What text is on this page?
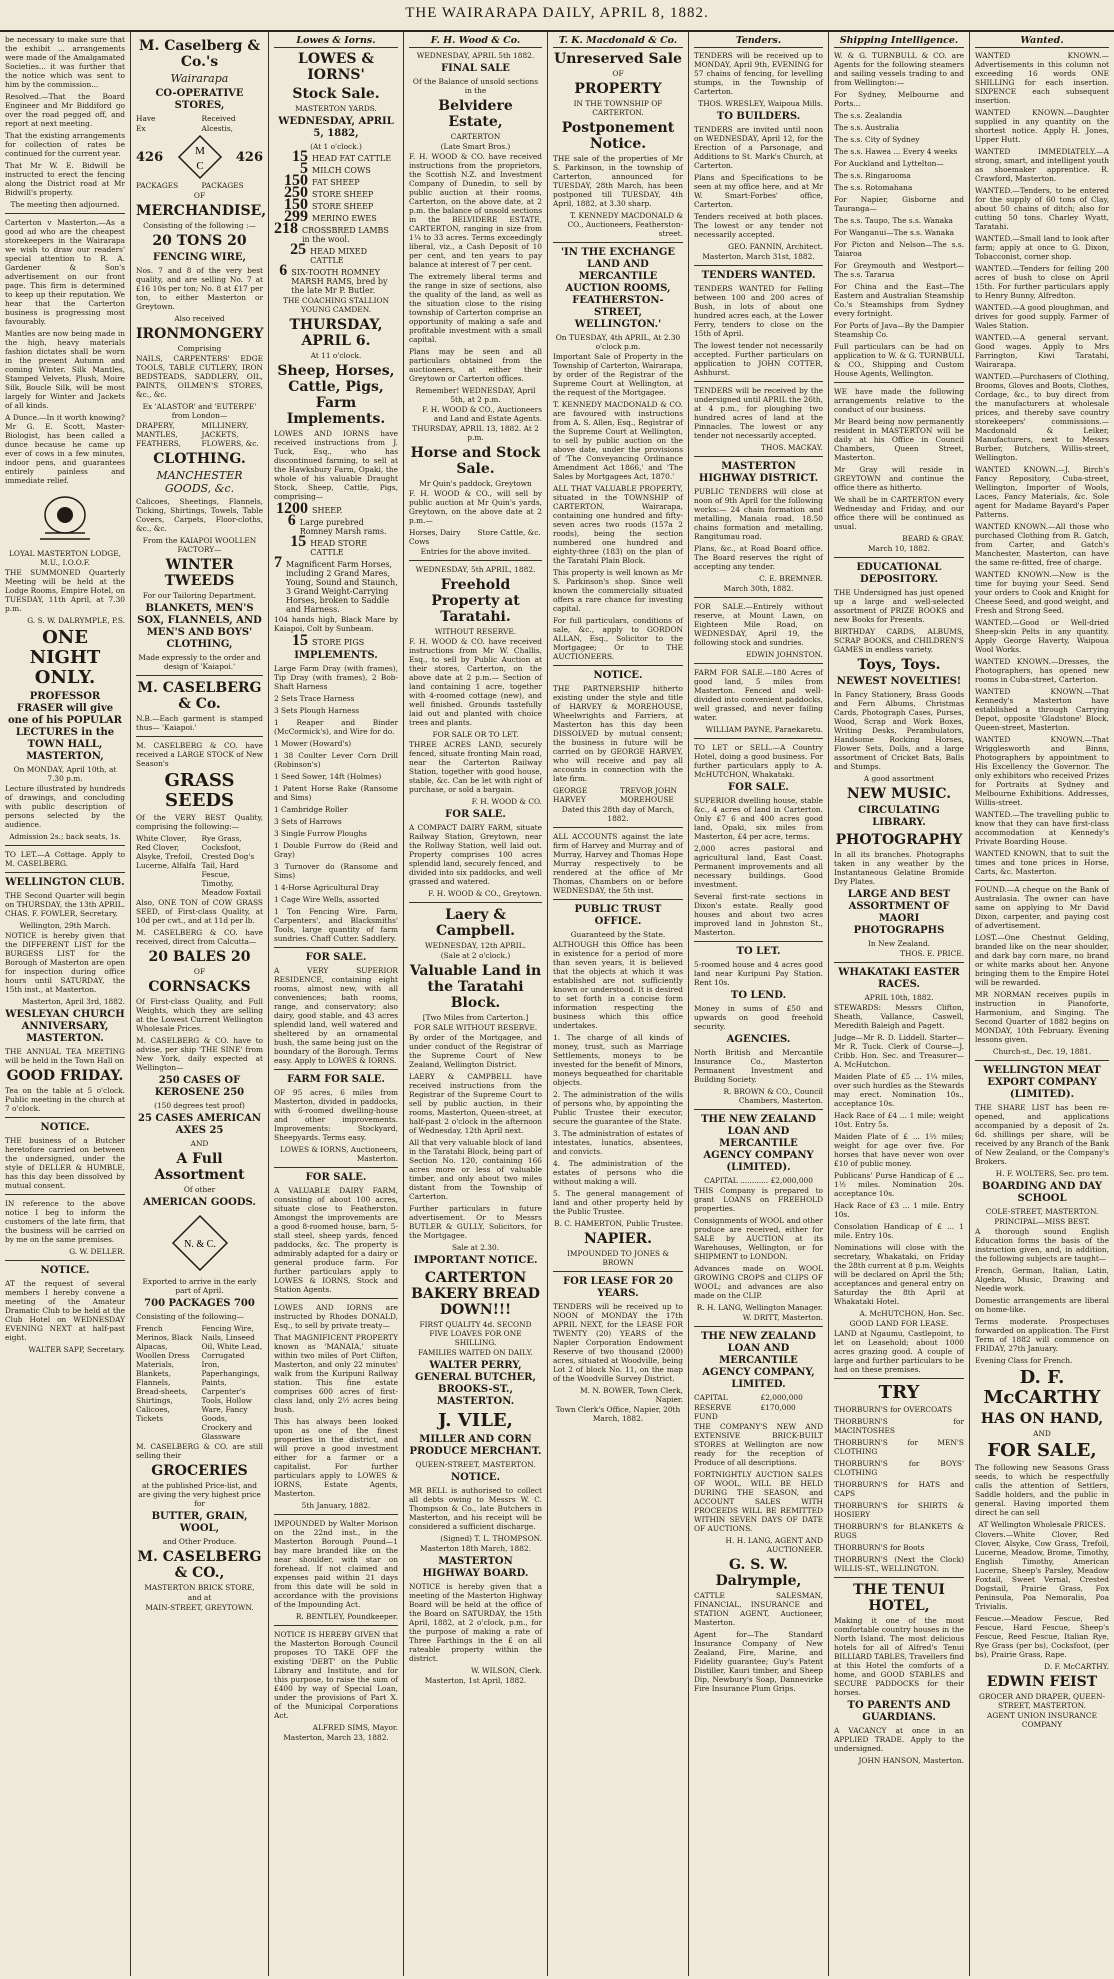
THE WAIRARAPA DAILY, APRIL 8, 1882.
be necessary to make sure that the exhibit ... arrangements were made of the Amalgamated Societies... it was further that the notice which was sent to him by the commission...
Resolved.—That the Board Engineer and Mr Biddiford go over the road pegged off, and report at next meeting.
That the existing arrangements for collection of rates be continued for the current year.
That Mr W. E. Bidwill be instructed to erect the fencing along the District road at Mr Bidwill's property.
The meeting then adjourned.
Carterton v Masterton.—As a good ad who are the cheapest storekeepers in the Wairarapa we wish to draw our readers' special attention to R. A. Gardener & Son's advertisement on our front page. This firm is determined to keep up their reputation. We hear that the Carterton business is progressing most favourably.
Mantles are now being made in the high, heavy materials fashion dictates shall be worn in the present Autumn and coming Winter. Silk Mantles, Stamped Velvets, Plush, Moire Silk, Boucle Silk, will be most largely for Winter and Jackets of all kinds.
A Dunce.—In it worth knowing? Mr G. E. Scott, Master-Biologist, has been called a dunce because he came up ever of cows in a few minutes, indoor pens, and guarantees entirely painless and immediate relief.
LOYAL MASTERTON LODGE, M.U., I.O.O.F.
THE SUMMONED Quarterly Meeting will be held at the Lodge Rooms, Empire Hotel, on TUESDAY, 11th April, at 7.30 p.m.
G. S. W. DALRYMPLE, P.S.
ONE NIGHT ONLY.
PROFESSOR FRASER will give one of his POPULAR LECTURES in the TOWN HALL, MASTERTON,
On MONDAY, April 10th, at 7.30 p.m.
Lecture illustrated by hundreds of drawings, and concluding with public description of persons selected by the audience.
Admission 2s.; back seats, 1s.
TO LET.—A Cottage. Apply to M. CASELBERG.
WELLINGTON CLUB.
THE Second Quarter will begin on THURSDAY, the 13th APRIL. CHAS. F. FOWLER, Secretary.
Wellington, 29th March.
NOTICE is hereby given that the DIFFERENT LIST for the BURGESS LIST for the Borough of Masterton are open for inspection during office hours until SATURDAY, the 15th inst., at Masterton.
Masterton, April 3rd, 1882.
WESLEYAN CHURCH ANNIVERSARY, MASTERTON.
THE ANNUAL TEA MEETING will be held in the Town Hall on
GOOD FRIDAY.
Tea on the table at 5 o'clock. Public meeting in the church at 7 o'clock.
NOTICE.
THE business of a Butcher heretofore carried on between the undersigned, under the style of DELLER & HUMBLE, has this day been dissolved by mutual consent.
IN reference to the above notice I beg to inform the customers of the late firm, that the business will be carried on by me on the same premises.
G. W. DELLER.
NOTICE.
AT the request of several members I hereby convene a meeting of the Amateur Dramatic Club to be held at the Club Hotel on WEDNESDAY EVENING NEXT at half-past eight.
WALTER SAPP, Secretary.
M. Caselberg & Co.'s
Wairarapa
CO-OPERATIVE STORES,
Have	Received
Ex	Alcestis,
426	M
C
426
PACKAGES	PACKAGES
OF
MERCHANDISE,
Consisting of the following :—
20 TONS 20
FENCING WIRE,
Nos. 7 and 8 of the very best quality, and are selling No. 7 at £16 10s per ton; No. 8 at £17 per ton, to either Masterton or Greytown.
Also received
IRONMONGERY
Comprising
NAILS, CARPENTERS' EDGE TOOLS, TABLE CUTLERY, IRON BEDSTEADS, SADDLERY, OIL, PAINTS, OILMEN'S STORES, &c., &c.
Ex 'ALASTOR' and 'EUTERPE' from London—
DRAPERY, MANTLES, FEATHERS,
MILLINERY, JACKETS, FLOWERS, &c.
CLOTHING.
MANCHESTER GOODS, &c.
Calicoes, Sheetings, Flannels, Ticking, Shirtings, Towels, Table Covers, Carpets, Floor-cloths, &c., &c.
From the KAIAPOI WOOLLEN FACTORY—
WINTER TWEEDS
For our Tailoring Department.
BLANKETS, MEN'S SOX, FLANNELS, AND MEN'S AND BOYS' CLOTHING,
Made expressly to the order and design of 'Kaiapoi.'
M. CASELBERG & Co.
N.B.—Each garment is stamped thus— 'Kaiapoi.'
M. CASELBERG & CO. have received a LARGE STOCK of New Season's
GRASS SEEDS
Of the VERY BEST Quality, comprising the following:—
White Clover, Red Clover, Alsyke, Trefoil, Lucerne, Alfalfa
Rye Grass, Cocksfoot, Crested Dog's Tail, Hard Fescue, Timothy, Meadow Foxtail
Also, ONE TON of COW GRASS SEED, of First-class Quality, at 10d per cwt., and at 11d per lb.
M. CASELBERG & CO. have received, direct from Calcutta—
20 BALES 20
OF
CORNSACKS
Of First-class Quality, and Full Weights, which they are selling at the Lowest Current Wellington Wholesale Prices.
M. CASELBERG & CO. have to advise, per ship 'THE SINE' from New York, daily expected at Wellington—
250 CASES OF KEROSENE 250
(150 degrees test proof)
25 CASES AMERICAN AXES 25
AND
A Full Assortment
Of other
AMERICAN GOODS.
N. & C.
Exported to arrive in the early part of April.
700 PACKAGES 700
Consisting of the following—
French Merinos, Black Alpacas, Woollen Dress Materials, Blankets, Flannels, Bread-sheets, Shirtings, Calicoes, Tickets
Fencing Wire, Nails, Linseed Oil, White Lead, Corrugated Iron, Paperhangings, Paints, Carpenter's Tools, Hollow Ware, Fancy Goods, Crockery and Glassware
M. CASELBERG & CO. are still selling their
GROCERIES
at the published Price-list, and are giving the very highest price for
BUTTER, GRAIN, WOOL,
and Other Produce.
M. CASELBERG & CO.,
MASTERTON BRICK STORE,
and at
MAIN-STREET, GREYTOWN.
Lowes & Iorns.
LOWES & IORNS'
Stock Sale.
MASTERTON YARDS.
WEDNESDAY, APRIL 5, 1882,
(At 1 o'clock.)
15 HEAD FAT CATTLE
5 MILCH COWS
150 FAT SHEEP
250 STORE SHEEP
150 STORE SHEEP
299 MERINO EWES
218 CROSSBRED LAMBS in the wool.
25 HEAD MIXED CATTLE
6 SIX-TOOTH ROMNEY MARSH RAMS, bred by the late Mr P. Butler.
THE COACHING STALLION YOUNG CAMDEN.
THURSDAY, APRIL 6.
At 11 o'clock.
Sheep, Horses, Cattle, Pigs, Farm Implements.
LOWES AND IORNS have received instructions from J. Tuck, Esq., who has discontinued farming, to sell at the Hawksbury Farm, Opaki, the whole of his valuable Draught Stock, Sheep, Cattle, Pigs, comprising—
1200 SHEEP.
6 Large purebred Romney Marsh rams.
15 HEAD STORE CATTLE
7 Magnificent Farm Horses, including 2 Grand Mares, Young, Sound and Staunch, 3 Grand Weight-Carrying Horses, broken to Saddle and Harness.
104 hands high, Black Mare by Kaiapoi, Colt by Sunbeam.
15 STORE PIGS
IMPLEMENTS.
Large Farm Dray (with frames), Tip Dray (with frames), 2 Bob-Shaft Harness
2 Sets Trace Harness
3 Sets Plough Harness
1 Reaper and Binder (McCormick's), and Wire for do.
1 Mower (Howard's)
1 38 Coulter Lever Corn Drill (Robinson's)
1 Seed Sower, 14ft (Holmes)
1 Patent Horse Rake (Ransome and Sims)
1 Cambridge Roller
3 Sets of Harrows
3 Single Furrow Ploughs
1 Double Furrow do (Reid and Gray)
3 Turnover do (Ransome and Sims)
1 4-Horse Agricultural Dray
1 Cage Wire Wells, assorted
1 Ton Fencing Wire. Farm, Carpenters', and Blacksmiths' Tools, large quantity of farm sundries. Chaff Cutter. Saddlery.
FOR SALE.
A VERY SUPERIOR RESIDENCE, containing eight rooms, almost new, with all conveniences; bath rooms, range, and conservatory; also dairy, good stable, and 43 acres splendid land, well watered and sheltered by an ornamental bush, the same being just on the boundary of the Borough. Terms easy. Apply to LOWES & IORNS.
FARM FOR SALE.
OF 95 acres, 6 miles from Masterton, divided in paddocks, with 6-roomed dwelling-house and other improvements. Improvements: Stockyard, Sheepyards. Terms easy.
LOWES & IORNS, Auctioneers, Masterton.
FOR SALE.
A VALUABLE DAIRY FARM, consisting of about 100 acres, situate close to Featherston. Amongst the improvements are a good 8-roomed house, barn, 5-stall steel, sheep yards, fenced paddocks, &c. The property is admirably adapted for a dairy or general produce farm. For further particulars apply to LOWES & IORNS, Stock and Station Agents.
LOWES AND IORNS are instructed by Rhodes DONALD, Esq., to sell by private treaty—
That MAGNIFICENT PROPERTY known as 'MANAIA,' situate within two miles of Port Clifton, Masterton, and only 22 minutes' walk from the Kuripuni Railway station. This fine estate comprises 600 acres of first-class land, only 2½ acres being bush.
This has always been looked upon as one of the finest properties in the district, and will prove a good investment either for a farmer or a capitalist. For further particulars apply to LOWES & IORNS, Estate Agents, Masterton.
5th January, 1882.
IMPOUNDED by Walter Morison on the 22nd inst., in the Masterton Borough Pound—1 bay mare branded like on the near shoulder, with star on forehead. If not claimed and expenses paid within 21 days from this date will be sold in accordance with the provisions of the Impounding Act.
R. BENTLEY, Poundkeeper.
NOTICE IS HEREBY GIVEN that the Masterton Borough Council proposes TO TAKE OFF the existing 'DEBT' on the Public Library and Institute, and for this purpose, to raise the sum of £400 by way of Special Loan, under the provisions of Part X. of the Municipal Corporations Act.
ALFRED SIMS, Mayor.
Masterton, March 23, 1882.
F. H. Wood & Co.
WEDNESDAY, APRIL 5th 1882.
FINAL SALE
Of the Balance of unsold sections in the
Belvidere Estate,
CARTERTON
(Late Smart Bros.)
F. H. WOOD & CO. have received instructions from the proprietors, the Scottish N.Z. and Investment Company of Dunedin, to sell by public auction at their rooms, Carterton, on the above date, at 2 p.m. the balance of unsold sections in the BELVIDERE ESTATE, CARTERTON, ranging in size from 1¼ to 33 acres. Terms exceedingly liberal, viz., a Cash Deposit of 10 per cent, and ten years to pay balance at interest of 7 per cent.
The extremely liberal terms and the range in size of sections, also the quality of the land, as well as the situation close to the rising township of Carterton comprise an opportunity of making a safe and profitable investment with a small capital.
Plans may be seen and all particulars obtained from the auctioneers, at either their Greytown or Carterton offices.
Remember! WEDNESDAY, April 5th, at 2 p.m.
F. H. WOOD & CO., Auctioneers and Land and Estate Agents.
THURSDAY, APRIL 13, 1882. At 2 p.m.
Horse and Stock Sale.
Mr Quin's paddock, Greytown
F. H. WOOD & CO., will sell by public auction at Mr Quin's yards, Greytown, on the above date at 2 p.m.—
Horses, Dairy Cows
Store Cattle, &c.
Entries for the above invited.
WEDNESDAY, 5th APRIL, 1882.
Freehold Property at Taratahi.
WITHOUT RESERVE.
F. H. WOOD & CO. have received instructions from Mr W. Challis, Esq., to sell by Public Auction at their stores, Carterton, on the above date at 2 p.m.— Section of land containing 1 acre, together with 4-roomed cottage (new), and well finished. Grounds tastefully laid out and planted with choice trees and plants.
FOR SALE OR TO LET.
THREE ACRES LAND, securely fenced, situate fronting Main road, near the Carterton Railway Station, together with good house, stable, &c. Can be let with right of purchase, or sold a bargain.
F. H. WOOD & CO.
FOR SALE.
A COMPACT DAIRY FARM, situate Railway Station, Greytown, near the Rollway Station, well laid out. Property comprises 100 acres splendid land, securely fenced, and divided into six paddocks, and well grassed and watered.
F. H. WOOD & CO., Greytown.
Laery & Campbell.
WEDNESDAY, 12th APRIL.
(Sale at 2 o'clock.)
Valuable Land in the Taratahi Block.
[Two Miles from Carterton.]
FOR SALE WITHOUT RESERVE.
By order of the Mortgagee, and under conduct of the Registrar of the Supreme Court of New Zealand, Wellington District.
LAERY & CAMPBELL have received instructions from the Registrar of the Supreme Court to sell by public auction, in their rooms, Masterton, Queen-street, at half-past 2 o'clock in the afternoon of Wednesday, 12th April next.
All that very valuable block of land in the Taratahi Block, being part of Section No. 120, containing 166 acres more or less of valuable timber, and only about two miles distant from the Township of Carterton.
Further particulars in future advertisement. Or to Messrs BUTLER & GULLY, Solicitors, for the Mortgagee.
Sale at 2.30.
IMPORTANT NOTICE.
CARTERTON BAKERY BREAD DOWN!!!
FIRST QUALITY 4d. SECOND FIVE LOAVES FOR ONE SHILLING.
FAMILIES WAITED ON DAILY.
WALTER PERRY, GENERAL BUTCHER, BROOKS-ST., MASTERTON.
J. VILE,
MILLER AND CORN PRODUCE MERCHANT.
QUEEN-STREET, MASTERTON.
NOTICE.
MR BELL is authorised to collect all debts owing to Messrs W. C. Thompson & Co., late Butchers in Masterton, and his receipt will be considered a sufficient discharge.
(Signed) T. L. THOMPSON.
Masterton 18th March, 1882.
MASTERTON HIGHWAY BOARD.
NOTICE is hereby given that a meeting of the Masterton Highway Board will be held at the office of the Board on SATURDAY, the 15th April, 1882, at 2 o'clock, p.m., for the purpose of making a rate of Three Farthings in the £ on all rateable property within the district.
W. WILSON, Clerk.
Masterton, 1st April, 1882.
T. K. Macdonald & Co.
Unreserved Sale
OF
PROPERTY
IN THE TOWNSHIP OF CARTERTON.
Postponement Notice.
THE sale of the properties of Mr S. Parkinson, in the township of Carterton, announced for TUESDAY, 28th March, has been postponed till TUESDAY, 4th April, 1882, at 3.30 sharp.
T. KENNEDY MACDONALD & CO., Auctioneers, Featherston-street.
'IN THE EXCHANGE LAND AND MERCANTILE AUCTION ROOMS, FEATHERSTON-STREET, WELLINGTON.'
On TUESDAY, 4th APRIL, At 2.30 o'clock p.m.
Important Sale of Property in the Township of Carterton, Wairarapa, by order of the Registrar of the Supreme Court at Wellington, at the request of the Mortgagee.
T. KENNEDY MACDONALD & CO. are favoured with instructions from A. S. Allen, Esq., Registrar of the Supreme Court at Wellington, to sell by public auction on the above date, under the provisions of 'The Conveyancing Ordinance Amendment Act 1866,' and 'The Sales by Mortgagees Act, 1870.'
ALL THAT VALUABLE PROPERTY, situated in the TOWNSHIP of CARTERTON, Wairarapa, containing one hundred and fifty-seven acres two roods (157a 2 roods), being the section numbered one hundred and eighty-three (183) on the plan of the Taratahi Plain Block.
This property is well known as Mr S. Parkinson's shop. Since well known the commercially situated offers a rare chance for investing capital.
For full particulars, conditions of sale, &c., apply to GORDON ALLAN, Esq., Solicitor to the Mortgagee; Or to THE AUCTIONEERS.
NOTICE.
THE PARTNERSHIP hitherto existing under the style and title of HARVEY & MOREHOUSE, Wheelwrights and Farriers, at Masterton has this day been DISSOLVED by mutual consent; the business in future will be carried on by GEORGE HARVEY, who will receive and pay all accounts in connection with the late firm.
GEORGE HARVEY
TREVOR JOHN MOREHOUSE
Dated this 28th day of March, 1882.
ALL ACCOUNTS against the late firm of Harvey and Murray and of Murray, Harvey and Thomas Hope Murray respectively to be rendered at the office of Mr Thomas, Chambers on or before WEDNESDAY, the 5th inst.
PUBLIC TRUST OFFICE.
Guaranteed by the State.
ALTHOUGH this Office has been in existence for a period of more than seven years, it is believed that the objects at which it was established are not sufficiently known or understood. It is desired to set forth in a concise form information respecting the business which this office undertakes.
1. The charge of all kinds of money, trust, such as Marriage Settlements, moneys to be invested for the benefit of Minors, moneys bequeathed for charitable objects.
2. The administration of the wills of persons who, by appointing the Public Trustee their executor, secure the guarantee of the State.
3. The administration of estates of intestates, lunatics, absentees, and convicts.
4. The administration of the estates of persons who die without making a will.
5. The general management of land and other property held by the Public Trustee.
B. C. HAMERTON, Public Trustee.
NAPIER.
IMPOUNDED TO JONES & BROWN
FOR LEASE FOR 20 YEARS.
TENDERS will be received up to NOON of MONDAY the 17th APRIL NEXT, for the LEASE FOR TWENTY (20) YEARS of the Napier Corporation Endowment Reserve of two thousand (2000) acres, situated at Woodville, being Lot 2 of block No. 11, on the map of the Woodville Survey District.
M. N. BOWER, Town Clerk, Napier.
Town Clerk's Office, Napier, 20th March, 1882.
Tenders.
TENDERS will be received up to MONDAY, April 9th, EVENING for 57 chains of fencing, for levelling stumps, in the Township of Carterton.
THOS. WRESLEY, Waipoua Mills.
TO BUILDERS.
TENDERS are invited until noon on WEDNESDAY, April 12, for the Erection of a Parsonage, and Additions to St. Mark's Church, at Carterton.
Plans and Specifications to be seen at my office here, and at Mr W. Smart-Forbes' office, Carterton.
Tenders received at both places. The lowest or any tender not necessarily accepted.
GEO. FANNIN, Architect.
Masterton, March 31st, 1882.
TENDERS WANTED.
TENDERS WANTED for Felling between 100 and 200 acres of Bush, in lots of about one hundred acres each, at the Lower Ferry, tenders to close on the 15th of April.
The lowest tender not necessarily accepted. Further particulars on application to JOHN COTTER, Ashhurst.
TENDERS will be received by the undersigned until APRIL the 26th, at 4 p.m., for ploughing two hundred acres of land at the Pinnacles. The lowest or any tender not necessarily accepted.
THOS. MACKAY.
MASTERTON HIGHWAY DISTRICT.
PUBLIC TENDERS will close at noon of 9th April for the following works:— 24 chain formation and metalling, Manaia road. 18.50 chains formation and metalling, Rangitumau road.
Plans, &c., at Road Board office. The Board reserves the right of accepting any tender.
C. E. BREMNER.
March 30th, 1882.
FOR SALE.—Entirely without reserve, at Mount Lawn, on Eighteen Mile Road, on WEDNESDAY, April 19, the following stock and sundries.
EDWIN JOHNSTON.
FARM FOR SALE.—180 Acres of good land, 5 miles from Masterton. Fenced and well-divided into convenient paddocks, well grassed, and never failing water.
WILLIAM PAYNE, Paraekaretu.
TO LET or SELL.—A Country Hotel, doing a good business. For further particulars apply to A. McHUTCHON, Whakataki.
FOR SALE.
SUPERIOR dwelling house, stable &c., 4 acres of land in Carterton. Only £7 6 and 400 acres good land, Opaki, six miles from Masterton, £4 per acre, terms.
2,000 acres pastoral and agricultural land, East Coast. Permanent improvements and all necessary buildings. Good investment.
Several first-rate sections in Dixon's estate. Really good houses and about two acres improved land in Johnston St., Masterton.
TO LET.
5-roomed house and 4 acres good land near Kuripuni Pay Station. Rent 10s.
TO LEND.
Money in sums of £50 and upwards on good freehold security.
AGENCIES.
North British and Mercantile Insurance Co., Masterton Permanent Investment and Building Society.
R. BROWN & CO., Council Chambers, Masterton.
THE NEW ZEALAND LOAN AND MERCANTILE AGENCY COMPANY (LIMITED).
CAPITAL ............ £2,000,000
THIS Company is prepared to grant LOANS on FREEHOLD properties.
Consignments of WOOL and other produce are received, either for SALE by AUCTION at its Warehouses, Wellington, or for SHIPMENT to LONDON.
Advances made on WOOL GROWING CROPS and CLIPS OF WOOL; and advances are also made on the CLIP.
R. H. LANG, Wellington Manager.
W. DRITT, Masterton.
THE NEW ZEALAND LOAN AND MERCANTILE AGENCY COMPANY, LIMITED.
CAPITAL	£2,000,000
RESERVE FUND
£170,000
THE COMPANY'S NEW AND EXTENSIVE BRICK-BUILT STORES at Wellington are now ready for the reception of Produce of all descriptions.
FORTNIGHTLY AUCTION SALES OF WOOL, WILL BE HELD DURING THE SEASON, and ACCOUNT SALES WITH PROCEEDS WILL BE REMITTED WITHIN SEVEN DAYS OF DATE OF AUCTIONS.
H. H. LANG, AGENT AND AUCTIONEER.
G. S. W. Dalrymple,
CATTLE SALESMAN, FINANCIAL, INSURANCE and STATION AGENT, Auctioneer, Masterton.
Agent for—The Standard Insurance Company of New Zealand, Fire, Marine, and Fidelity guarantee; Guy's Patent Distiller, Kauri timber, and Sheep Dip, Newbury's Soap, Dannevirke Fire Insurance Plum Grips.
Shipping Intelligence.
W. & G. TURNBULL & CO. are Agents for the following steamers and sailing vessels trading to and from Wellington:—
For Sydney, Melbourne and Ports...
The s.s. Zealandia
The s.s. Australia
The s.s. City of Sydney
The s.s. Hawea ... Every 4 weeks
For Auckland and Lyttelton—
The s.s. Ringarooma
The s.s. Rotomahana
For Napier, Gisborne and Tauranga—
The s.s. Taupo, The s.s. Wanaka
For Wanganui—The s.s. Wanaka
For Picton and Nelson—The s.s. Taiaroa
For Greymouth and Westport—The s.s. Tararua
For China and the East—The Eastern and Australian Steamship Co.'s Steamships from Sydney every fortnight.
For Ports of Java—By the Dampier Steamship Co.
Full particulars can be had on application to W. & G. TURNBULL & CO., Shipping and Custom House Agents, Wellington.
WE have made the following arrangements relative to the conduct of our business.
Mr Beard being now permanently resident in MASTERTON will be daily at his Office in Council Chambers, Queen Street, Masterton.
Mr Gray will reside in GREYTOWN and continue the office there as hitherto.
We shall be in CARTERTON every Wednesday and Friday, and our office there will be continued as usual.
BEARD & GRAY.
March 10, 1882.
EDUCATIONAL DEPOSITORY.
THE Undersigned has just opened up a large and well-selected assortment of PRIZE BOOKS and new Books for Presents.
BIRTHDAY CARDS, ALBUMS, SCRAP BOOKS, and CHILDREN'S GAMES in endless variety.
Toys, Toys.
NEWEST NOVELTIES!
In Fancy Stationery, Brass Goods and Fern Albums, Christmas Cards, Photograph Cases, Purses, Wood, Scrap and Work Boxes, Writing Desks, Perambulators, Handsome Rocking Horses, Flower Sets, Dolls, and a large assortment of Cricket Bats, Balls and Stumps.
A good assortment
NEW MUSIC.
CIRCULATING LIBRARY.
PHOTOGRAPHY
In all its branches. Photographs taken in any weather by the Instantaneous Gelatine Bromide Dry Plates.
LARGE AND BEST ASSORTMENT OF MAORI PHOTOGRAPHS
In New Zealand.
THOS. E. PRICE.
WHAKATAKI EASTER RACES.
APRIL 10th, 1882.
STEWARDS: Messrs Clifton, Sheath, Vallance, Caswell, Meredith Baleigh and Pagett.
Judge—Mr R. D. Liddell. Starter—Mr R. Tuck. Clerk of Course—J. Cribb. Hon. Sec. and Treasurer—A. McHutchon.
Maiden Plate of £5 ... 1¼ miles, over such hurdles as the Stewards may erect. Nomination 10s., acceptance 10s.
Hack Race of £4 ... 1 mile; weight 10st. Entry 5s.
Maiden Plate of £ ... 1½ miles; weight for age over five. For horses that have never won over £10 of public money.
Publicans' Purse Handicap of £ ... 1½ miles. Nomination 20s. acceptance 10s.
Hack Race of £3 ... 1 mile. Entry 10s.
Consolation Handicap of £ ... 1 mile. Entry 10s.
Nominations will close with the secretary, Whakataki, on Friday the 28th current at 8 p.m. Weights will be declared on April the 5th; acceptances and general entry on Saturday the 8th April at Whakataki Hotel.
A. McHUTCHON, Hon. Sec.
GOOD LAND FOR LEASE.
LAND at Ngaumu, Castlepoint, to let on Leasehold; about 1000 acres grazing good. A couple of large and further particulars to be had on these premises.
TRY
THORBURN'S for OVERCOATS
THORBURN'S for MACINTOSHES
THORBURN'S for MEN'S CLOTHING
THORBURN'S for BOYS' CLOTHING
THORBURN'S for HATS and CAPS
THORBURN'S for SHIRTS & HOSIERY
THORBURN'S for BLANKETS & RUGS
THORBURN'S for Boots
THORBURN'S (Next the Clock) WILLIS-ST., WELLINGTON.
THE TENUI HOTEL,
Making it one of the most comfortable country houses in the North Island. The most delicious hotels for all of Alfred's Tenui BILLIARD TABLES, Travellers find at this Hotel the comforts of a home, and GOOD STABLES and SECURE PADDOCKS for their horses.
TO PARENTS AND GUARDIANS.
A VACANCY at once in an APPLIED TRADE. Apply to the undersigned.
JOHN HANSON, Masterton.
Wanted.
WANTED KNOWN.—Advertisements in this column not exceeding 16 words ONE SHILLING for each insertion. SIXPENCE each subsequent insertion.
WANTED KNOWN.—Daughter supplied in any quantity on the shortest notice. Apply H. Jones, Upper Hutt.
WANTED IMMEDIATELY.—A strong, smart, and intelligent youth as shoemaker apprentice. R. Crawford, Masterton.
WANTED.—Tenders, to be entered for the supply of 60 tons of Clay, about 50 chains of ditch; also for cutting 50 tons. Charley Wyatt, Taratahi.
WANTED.—Small land to look after farm; apply at once to G. Dixon, Tobacconist, corner shop.
WANTED.—Tenders for felling 200 acres of bush to close on April 15th. For further particulars apply to Henry Bunny, Alfredton.
WANTED.—A good ploughman, and drives for good supply. Farmer of Wales Station.
WANTED.—A general servant. Good wages. Apply to Mrs Farrington, Kiwi Taratahi, Wairarapa.
WANTED.—Purchasers of Clothing, Brooms, Gloves and Boots, Clothes, Cordage, &c., to buy direct from the manufacturers at wholesale prices, and thereby save country storekeepers' commissions.— Macdonald & Leiker, Manufacturers, next to Messrs Burber, Butchers, Willis-street, Wellington.
WANTED KNOWN.—J. Birch's Fancy Repository, Cuba-street, Wellington, Importer of Wools, Laces, Fancy Materials, &c. Sole agent for Madame Bayard's Paper Patterns.
WANTED KNOWN.—All those who purchased Clothing from R. Gatch, from Carter, and Gatch's Manchester, Masterton, can have the same re-fitted, free of charge.
WANTED KNOWN.—Now is the time for buying your Seed. Send your orders to Cook and Knight for Cheese Seed, and good weight, and Fresh and Strong Seed.
WANTED.—Good or Well-dried Sheep-skin Pelts in any quantity. Apply George Haverty, Waipoua Wool Works.
WANTED KNOWN.—Dresses, the Photographers, has opened new rooms in Cuba-street, Carterton.
WANTED KNOWN.—That Kennedy's Masterton have established a through Carrying Depot, opposite 'Gladstone' Block, Queen-street, Masterton.
WANTED KNOWN.—That Wrigglesworth and Binns, Photographers by appointment to His Excellency the Governor. The only exhibitors who received Prizes for Portraits at Sydney and Melbourne Exhibitions. Addresses, Willis-street.
WANTED.—The travelling public to know that they can have first-class accommodation at Kennedy's Private Boarding House.
WANTED KNOWN, that to suit the times and tone prices in Horse, Carts, &c. Masterton.
FOUND.—A cheque on the Bank of Australasia. The owner can have same on applying to Mr David Dixon, carpenter, and paying cost of advertisement.
LOST.—One Chestnut Gelding, branded like on the near shoulder, and dark bay corn mare, no brand or white marks about her. Anyone bringing them to the Empire Hotel will be rewarded.
MR NORMAN receives pupils in instruction in Pianoforte, Harmonium, and Singing. The Second Quarter of 1882 begins on MONDAY, 10th February. Evening lessons given.
Church-st., Dec. 19, 1881.
WELLINGTON MEAT EXPORT COMPANY (LIMITED).
THE SHARE LIST has been re-opened, and applications accompanied by a deposit of 2s. 6d. shillings per share, will be received by any Branch of the Bank of New Zealand, or the Company's Brokers.
H. F. WOLTERS, Sec. pro tem.
BOARDING AND DAY SCHOOL
COLE-STREET, MASTERTON.
PRINCIPAL—MISS BEST.
A thorough sound English Education forms the basis of the instruction given, and, in addition, the following subjects are taught—
French, German, Italian, Latin, Algebra, Music, Drawing and Needle work.
Domestic arrangements are liberal on home-like.
Terms moderate. Prospectuses forwarded on application. The First Term of 1882 will commence on FRIDAY, 27th January.
Evening Class for French.
D. F. McCARTHY
HAS ON HAND,
AND
FOR SALE,
The following new Seasons Grass seeds, to which he respectfully calls the attention of Settlers, Saddle holders, and the public in general. Having imported them direct he can sell
AT Wellington Wholesale PRICES.
Clovers.—White Clover, Red Clover, Alsyke, Cow Grass, Trefoil, Lucerne, Meadow, Brome, Timothy, English Timothy, American Lucerne, Sheep's Parsley, Meadow Foxtail, Sweet Vernal, Crested Dogstail, Prairie Grass, Fox Peninsula, Poa Nemoralis, Poa Trivialis.
Fescue.—Meadow Fescue, Red Fescue, Hard Fescue, Sheep's Fescue, Reed Fescue, Italian Rye, Rye Grass (per bs), Cocksfoot, (per bs), Prairie Grass, Rape.
D. F. McCARTHY.
EDWIN FEIST
GROCER AND DRAPER, QUEEN-STREET, MASTERTON.
AGENT UNION INSURANCE COMPANY
